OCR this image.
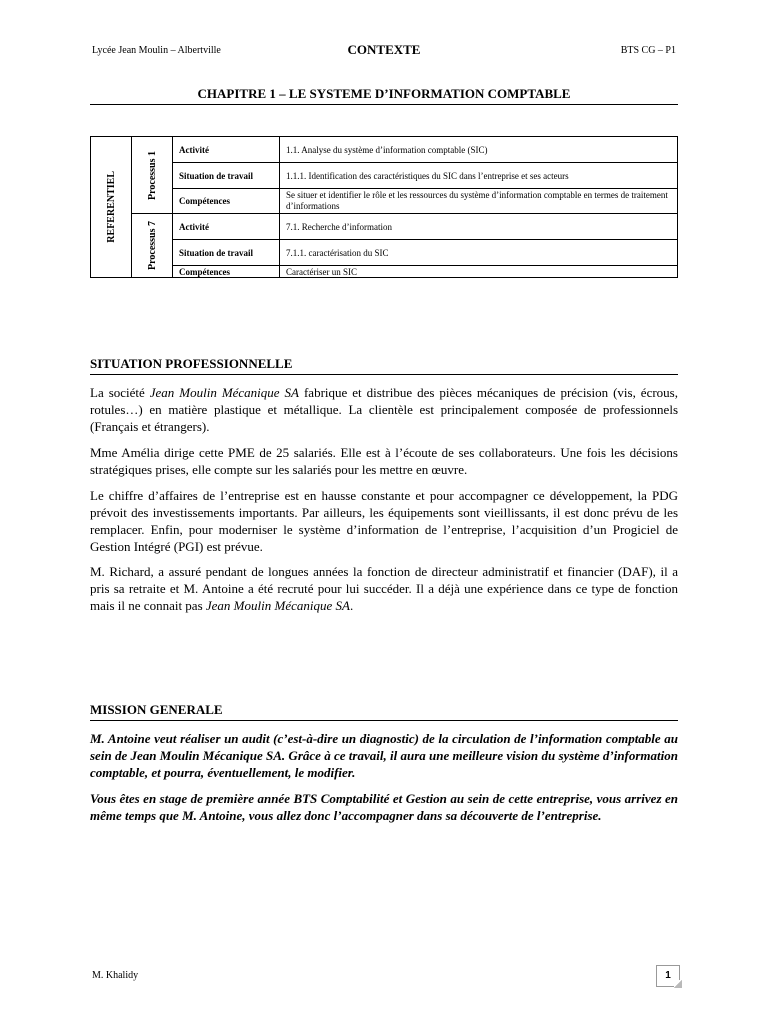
Lycée Jean Moulin – Albertville	CONTEXTE	BTS CG – P1
CHAPITRE 1 – LE SYSTEME D’INFORMATION COMPTABLE
REFERENTIEL	Processus 1	Activité	1.1. Analyse du système d’information comptable (SIC)
		Situation de travail	1.1.1. Identification des caractéristiques du SIC dans l’entreprise et ses acteurs
		Compétences	Se situer et identifier le rôle et les ressources du système d’information comptable en termes de traitement d’informations

	Processus 7	Activité	7.1. Recherche d’information
		Situation de travail	7.1.1. caractérisation du SIC
		Compétences	Caractériser un SIC
SITUATION PROFESSIONNELLE

La société Jean Moulin Mécanique SA fabrique et distribue des pièces mécaniques de précision (vis, écrous, rotules…) en matière plastique et métallique. La clientèle est principalement composée de professionnels (Français et étrangers).

Mme Amélia dirige cette PME de 25 salariés. Elle est à l’écoute de ses collaborateurs. Une fois les décisions stratégiques prises, elle compte sur les salariés pour les mettre en œuvre.

Le chiffre d’affaires de l’entreprise est en hausse constante et pour accompagner ce développement, la PDG prévoit des investissements importants. Par ailleurs, les équipements sont vieillissants, il est donc prévu de les remplacer. Enfin, pour moderniser le système d’information de l’entreprise, l’acquisition d’un Progiciel de Gestion Intégré (PGI) est prévue.

M. Richard, a assuré pendant de longues années la fonction de directeur administratif et financier (DAF), il a pris sa retraite et M. Antoine a été recruté pour lui succéder. Il a déjà une expérience dans ce type de fonction mais il ne connait pas Jean Moulin Mécanique SA.

MISSION GENERALE

M. Antoine veut réaliser un audit (c’est-à-dire un diagnostic) de la circulation de l’information comptable au sein de Jean Moulin Mécanique SA. Grâce à ce travail, il aura une meilleure vision du système d’information comptable, et pourra, éventuellement, le modifier.

Vous êtes en stage de première année BTS Comptabilité et Gestion au sein de cette entreprise, vous arrivez en même temps que M. Antoine, vous allez donc l’accompagner dans sa découverte de l’entreprise.

M. Khalidy	1
